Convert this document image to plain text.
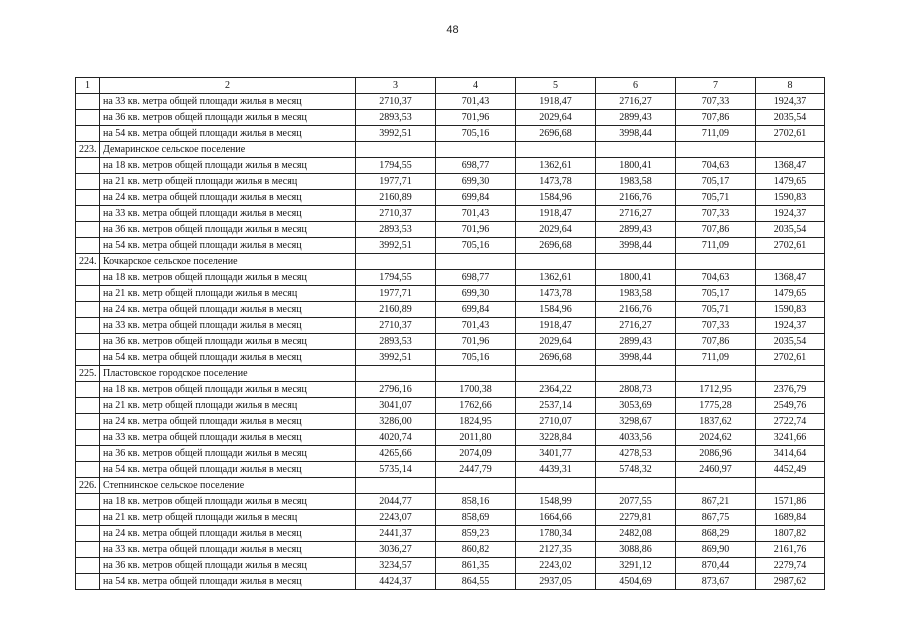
48
1	2	3	4	5	6	7	8
	на 33 кв. метра общей площади жилья в месяц	2710,37	701,43	1918,47	2716,27	707,33	1924,37
	на 36 кв. метров общей площади жилья в месяц	2893,53	701,96	2029,64	2899,43	707,86	2035,54
	на 54 кв. метра общей площади жилья в месяц	3992,51	705,16	2696,68	3998,44	711,09	2702,61
223.	Демаринское сельское поселение						
	на 18 кв. метров общей площади жилья в месяц	1794,55	698,77	1362,61	1800,41	704,63	1368,47
	на 21 кв. метр общей площади жилья в месяц	1977,71	699,30	1473,78	1983,58	705,17	1479,65
	на 24 кв. метра общей площади жилья в месяц	2160,89	699,84	1584,96	2166,76	705,71	1590,83
	на 33 кв. метра общей площади жилья в месяц	2710,37	701,43	1918,47	2716,27	707,33	1924,37
	на 36 кв. метров общей площади жилья в месяц	2893,53	701,96	2029,64	2899,43	707,86	2035,54
	на 54 кв. метра общей площади жилья в месяц	3992,51	705,16	2696,68	3998,44	711,09	2702,61
224.	Кочкарское сельское поселение						
	на 18 кв. метров общей площади жилья в месяц	1794,55	698,77	1362,61	1800,41	704,63	1368,47
	на 21 кв. метр общей площади жилья в месяц	1977,71	699,30	1473,78	1983,58	705,17	1479,65
	на 24 кв. метра общей площади жилья в месяц	2160,89	699,84	1584,96	2166,76	705,71	1590,83
	на 33 кв. метра общей площади жилья в месяц	2710,37	701,43	1918,47	2716,27	707,33	1924,37
	на 36 кв. метров общей площади жилья в месяц	2893,53	701,96	2029,64	2899,43	707,86	2035,54
	на 54 кв. метра общей площади жилья в месяц	3992,51	705,16	2696,68	3998,44	711,09	2702,61
225.	Пластовское городское поселение						
	на 18 кв. метров общей площади жилья в месяц	2796,16	1700,38	2364,22	2808,73	1712,95	2376,79
	на 21 кв. метр общей площади жилья в месяц	3041,07	1762,66	2537,14	3053,69	1775,28	2549,76
	на 24 кв. метра общей площади жилья в месяц	3286,00	1824,95	2710,07	3298,67	1837,62	2722,74
	на 33 кв. метра общей площади жилья в месяц	4020,74	2011,80	3228,84	4033,56	2024,62	3241,66
	на 36 кв. метров общей площади жилья в месяц	4265,66	2074,09	3401,77	4278,53	2086,96	3414,64
	на 54 кв. метра общей площади жилья в месяц	5735,14	2447,79	4439,31	5748,32	2460,97	4452,49
226.	Степнинское сельское поселение						
	на 18 кв. метров общей площади жилья в месяц	2044,77	858,16	1548,99	2077,55	867,21	1571,86
	на 21 кв. метр общей площади жилья в месяц	2243,07	858,69	1664,66	2279,81	867,75	1689,84
	на 24 кв. метра общей площади жилья в месяц	2441,37	859,23	1780,34	2482,08	868,29	1807,82
	на 33 кв. метра общей площади жилья в месяц	3036,27	860,82	2127,35	3088,86	869,90	2161,76
	на 36 кв. метров общей площади жилья в месяц	3234,57	861,35	2243,02	3291,12	870,44	2279,74
	на 54 кв. метра общей площади жилья в месяц	4424,37	864,55	2937,05	4504,69	873,67	2987,62
